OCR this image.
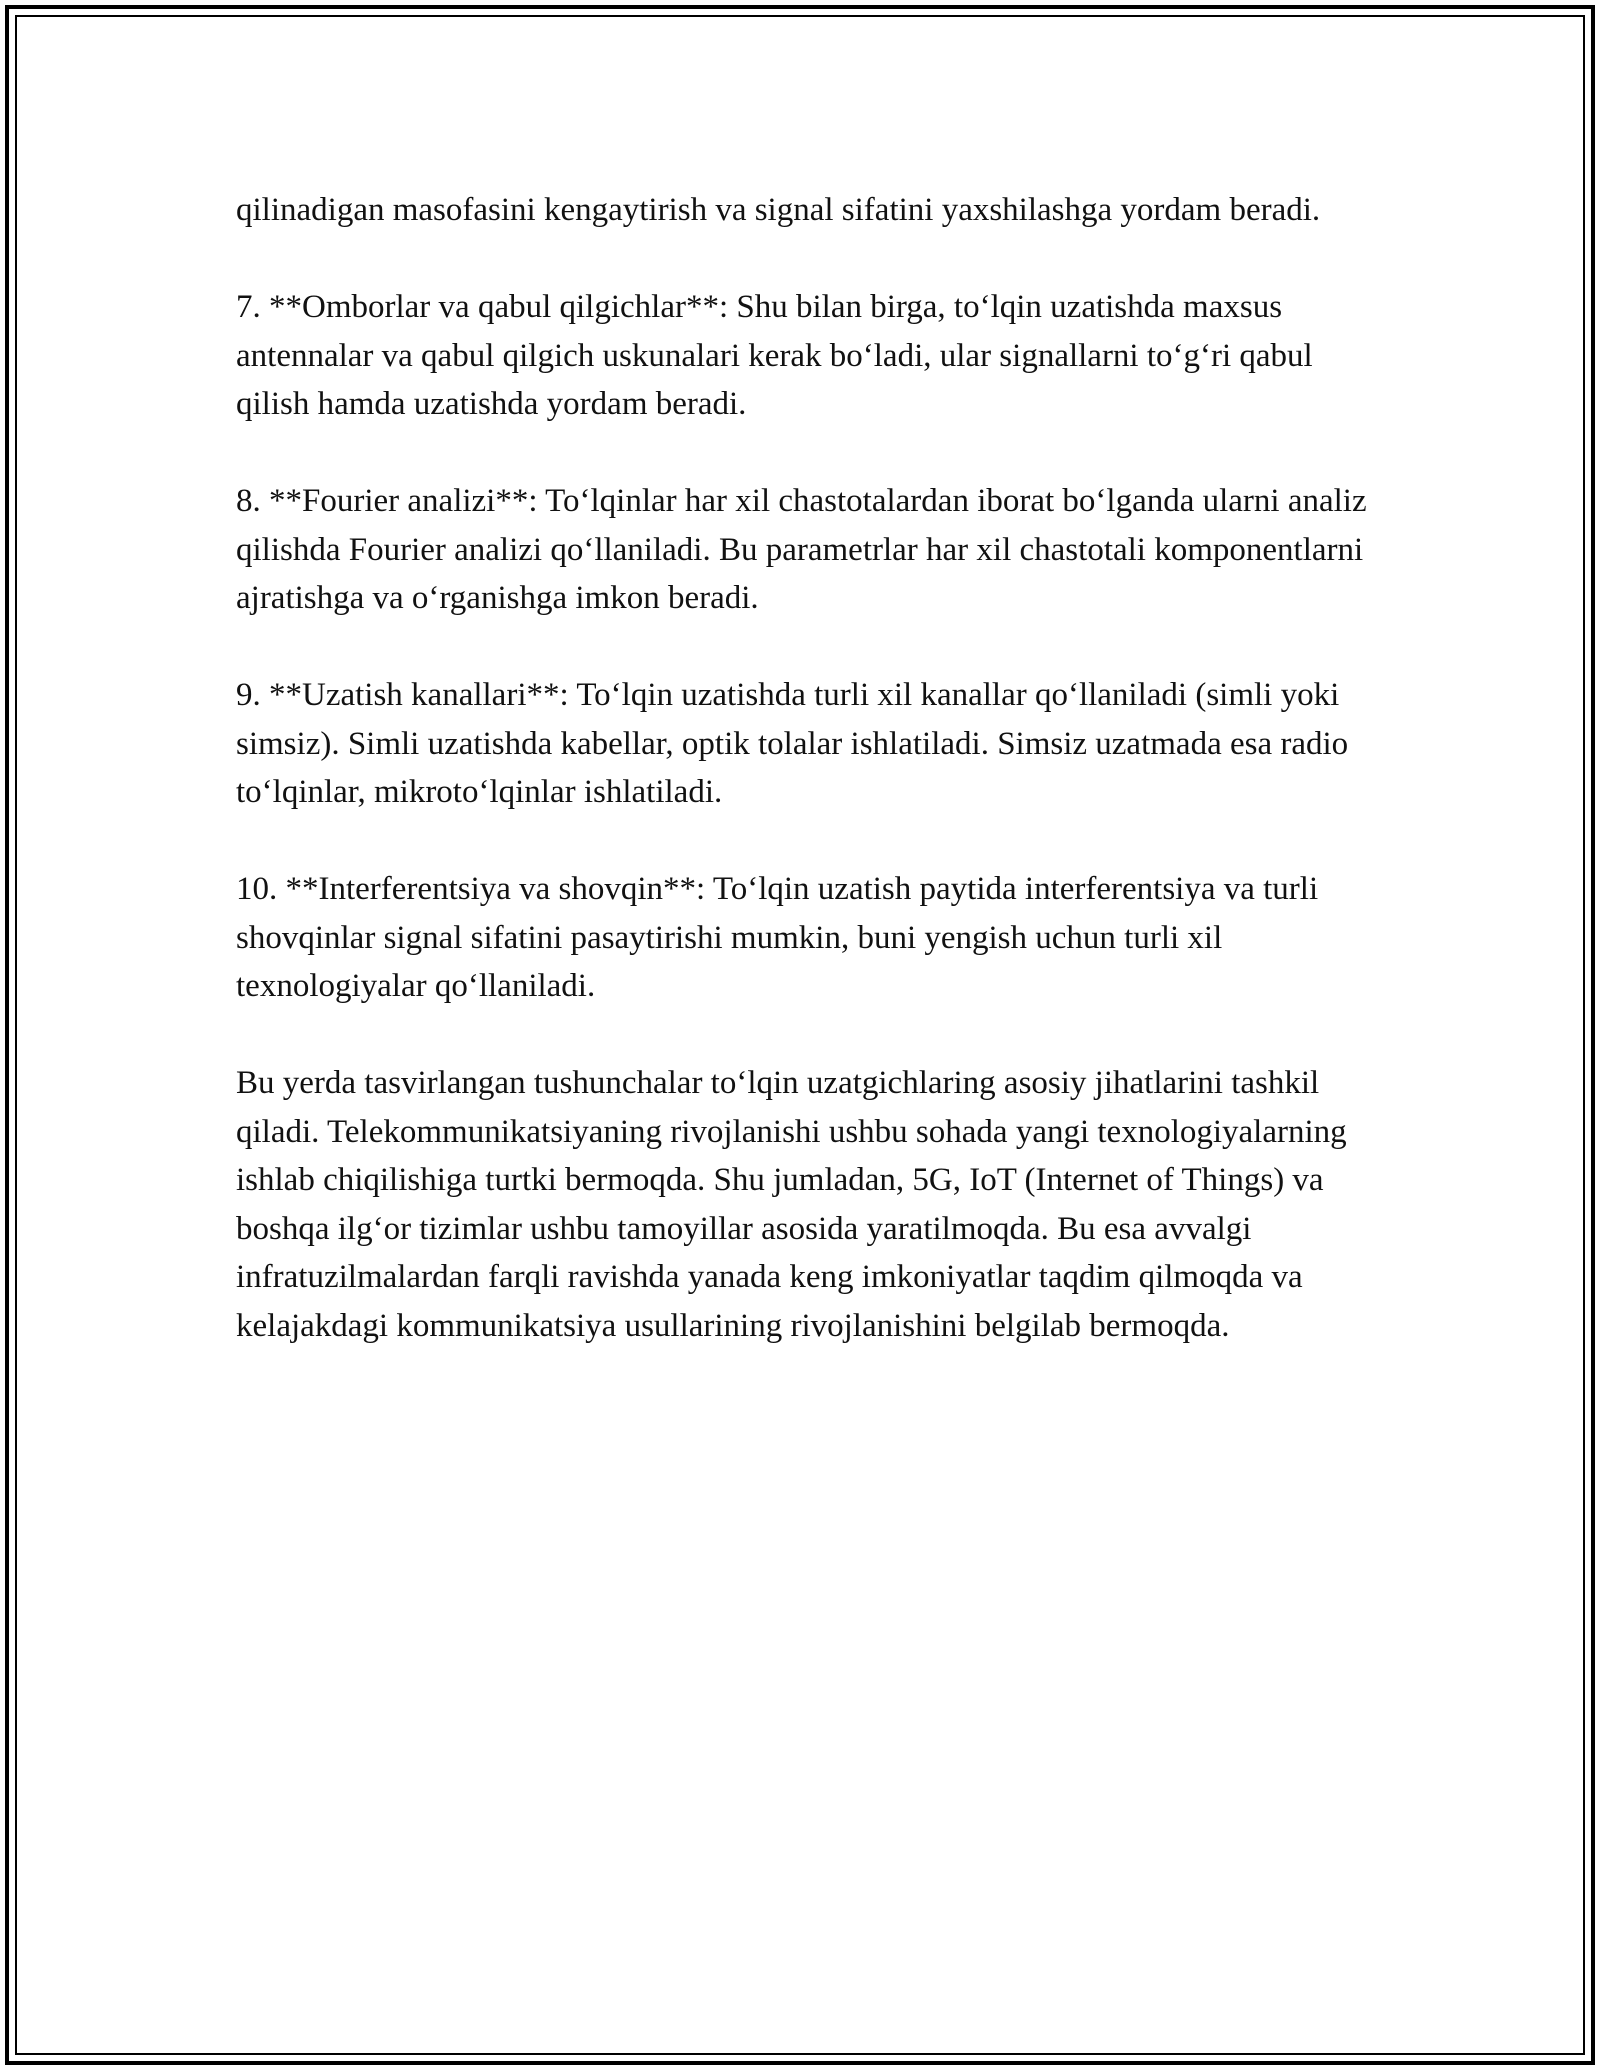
qilinadigan masofasini kengaytirish va signal sifatini yaxshilashga yordam beradi.

7. **Omborlar va qabul qilgichlar**: Shu bilan birga, to‘lqin uzatishda maxsus antennalar va qabul qilgich uskunalari kerak bo‘ladi, ular signallarni to‘g‘ri qabul qilish hamda uzatishda yordam beradi.

8. **Fourier analizi**: To‘lqinlar har xil chastotalardan iborat bo‘lganda ularni analiz qilishda Fourier analizi qo‘llaniladi. Bu parametrlar har xil chastotali komponentlarni ajratishga va o‘rganishga imkon beradi.

9. **Uzatish kanallari**: To‘lqin uzatishda turli xil kanallar qo‘llaniladi (simli yoki simsiz). Simli uzatishda kabellar, optik tolalar ishlatiladi. Simsiz uzatmada esa radio to‘lqinlar, mikroto‘lqinlar ishlatiladi.

10. **Interferentsiya va shovqin**: To‘lqin uzatish paytida interferentsiya va turli shovqinlar signal sifatini pasaytirishi mumkin, buni yengish uchun turli xil texnologiyalar qo‘llaniladi.

Bu yerda tasvirlangan tushunchalar to‘lqin uzatgichlaring asosiy jihatlarini tashkil qiladi. Telekommunikatsiyaning rivojlanishi ushbu sohada yangi texnologiyalarning ishlab chiqilishiga turtki bermoqda. Shu jumladan, 5G, IoT (Internet of Things) va boshqa ilg‘or tizimlar ushbu tamoyillar asosida yaratilmoqda. Bu esa avvalgi infratuzilmalardan farqli ravishda yanada keng imkoniyatlar taqdim qilmoqda va kelajakdagi kommunikatsiya usullarining rivojlanishini belgilab bermoqda.
